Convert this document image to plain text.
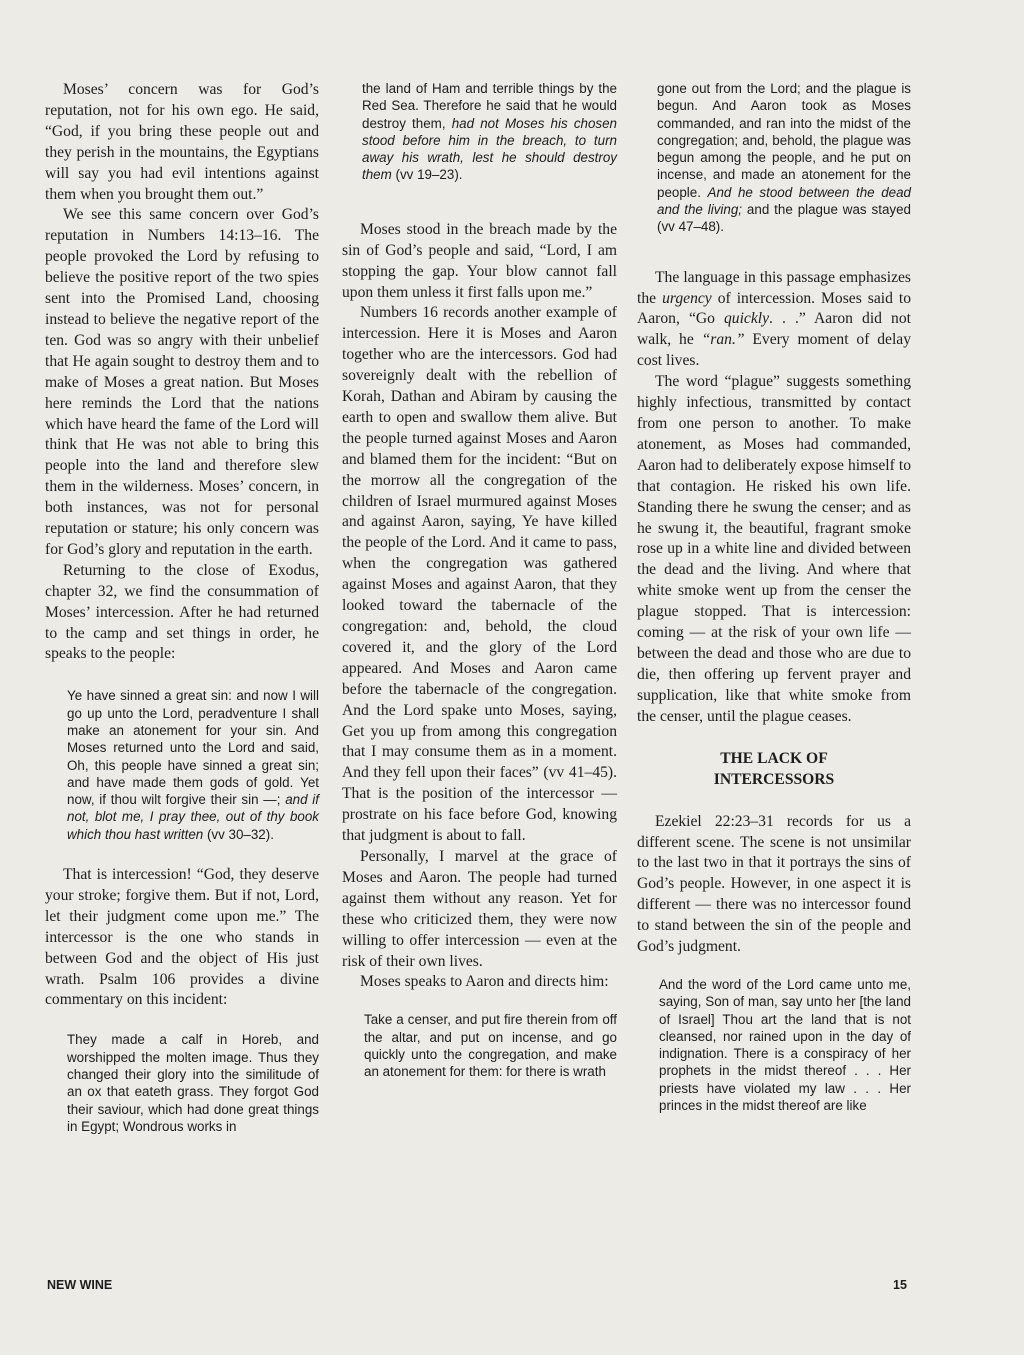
Moses’ concern was for God’s reputation, not for his own ego. He said, “God, if you bring these people out and they perish in the mountains, the Egyptians will say you had evil intentions against them when you brought them out.”

We see this same concern over God’s reputation in Numbers 14:13–16. The people provoked the Lord by refusing to believe the positive report of the two spies sent into the Promised Land, choosing instead to believe the negative report of the ten. God was so angry with their unbelief that He again sought to destroy them and to make of Moses a great nation. But Moses here reminds the Lord that the nations which have heard the fame of the Lord will think that He was not able to bring this people into the land and therefore slew them in the wilderness. Moses’ concern, in both instances, was not for personal reputation or stature; his only concern was for God’s glory and reputation in the earth.

Returning to the close of Exodus, chapter 32, we find the consummation of Moses’ intercession. After he had returned to the camp and set things in order, he speaks to the people:

Ye have sinned a great sin: and now I will go up unto the Lord, peradventure I shall make an atonement for your sin. And Moses returned unto the Lord and said, Oh, this people have sinned a great sin; and have made them gods of gold. Yet now, if thou wilt forgive their sin —; and if not, blot me, I pray thee, out of thy book which thou hast written (vv 30–32).

That is intercession! “God, they deserve your stroke; forgive them. But if not, Lord, let their judgment come upon me.” The intercessor is the one who stands in between God and the object of His just wrath. Psalm 106 provides a divine commentary on this incident:

They made a calf in Horeb, and worshipped the molten image. Thus they changed their glory into the similitude of an ox that eateth grass. They forgot God their saviour, which had done great things in Egypt; Wondrous works in

the land of Ham and terrible things by the Red Sea. Therefore he said that he would destroy them, had not Moses his chosen stood before him in the breach, to turn away his wrath, lest he should destroy them (vv 19–23).

Moses stood in the breach made by the sin of God’s people and said, “Lord, I am stopping the gap. Your blow cannot fall upon them unless it first falls upon me.”

Numbers 16 records another example of intercession. Here it is Moses and Aaron together who are the intercessors. God had sovereignly dealt with the rebellion of Korah, Dathan and Abiram by causing the earth to open and swallow them alive. But the people turned against Moses and Aaron and blamed them for the incident: “But on the morrow all the congregation of the children of Israel murmured against Moses and against Aaron, saying, Ye have killed the people of the Lord. And it came to pass, when the congregation was gathered against Moses and against Aaron, that they looked toward the tabernacle of the congregation: and, behold, the cloud covered it, and the glory of the Lord appeared. And Moses and Aaron came before the tabernacle of the congregation. And the Lord spake unto Moses, saying, Get you up from among this congregation that I may consume them as in a moment. And they fell upon their faces” (vv 41–45). That is the position of the intercessor — prostrate on his face before God, knowing that judgment is about to fall.

Personally, I marvel at the grace of Moses and Aaron. The people had turned against them without any reason. Yet for these who criticized them, they were now willing to offer intercession — even at the risk of their own lives.

Moses speaks to Aaron and directs him:

Take a censer, and put fire therein from off the altar, and put on incense, and go quickly unto the congregation, and make an atonement for them: for there is wrath

gone out from the Lord; and the plague is begun. And Aaron took as Moses commanded, and ran into the midst of the congregation; and, behold, the plague was begun among the people, and he put on incense, and made an atonement for the people. And he stood between the dead and the living; and the plague was stayed (vv 47–48).

The language in this passage emphasizes the urgency of intercession. Moses said to Aaron, “Go quickly. . .” Aaron did not walk, he “ran.” Every moment of delay cost lives.

The word “plague” suggests something highly infectious, transmitted by contact from one person to another. To make atonement, as Moses had commanded, Aaron had to deliberately expose himself to that contagion. He risked his own life. Standing there he swung the censer; and as he swung it, the beautiful, fragrant smoke rose up in a white line and divided between the dead and the living. And where that white smoke went up from the censer the plague stopped. That is intercession: coming — at the risk of your own life — between the dead and those who are due to die, then offering up fervent prayer and supplication, like that white smoke from the censer, until the plague ceases.

THE LACK OF
INTERCESSORS

Ezekiel 22:23–31 records for us a different scene. The scene is not unsimilar to the last two in that it portrays the sins of God’s people. However, in one aspect it is different — there was no intercessor found to stand between the sin of the people and God’s judgment.

And the word of the Lord came unto me, saying, Son of man, say unto her [the land of Israel] Thou art the land that is not cleansed, nor rained upon in the day of indignation. There is a conspiracy of her prophets in the midst thereof . . . Her priests have violated my law . . . Her princes in the midst thereof are like

NEW WINE	15
